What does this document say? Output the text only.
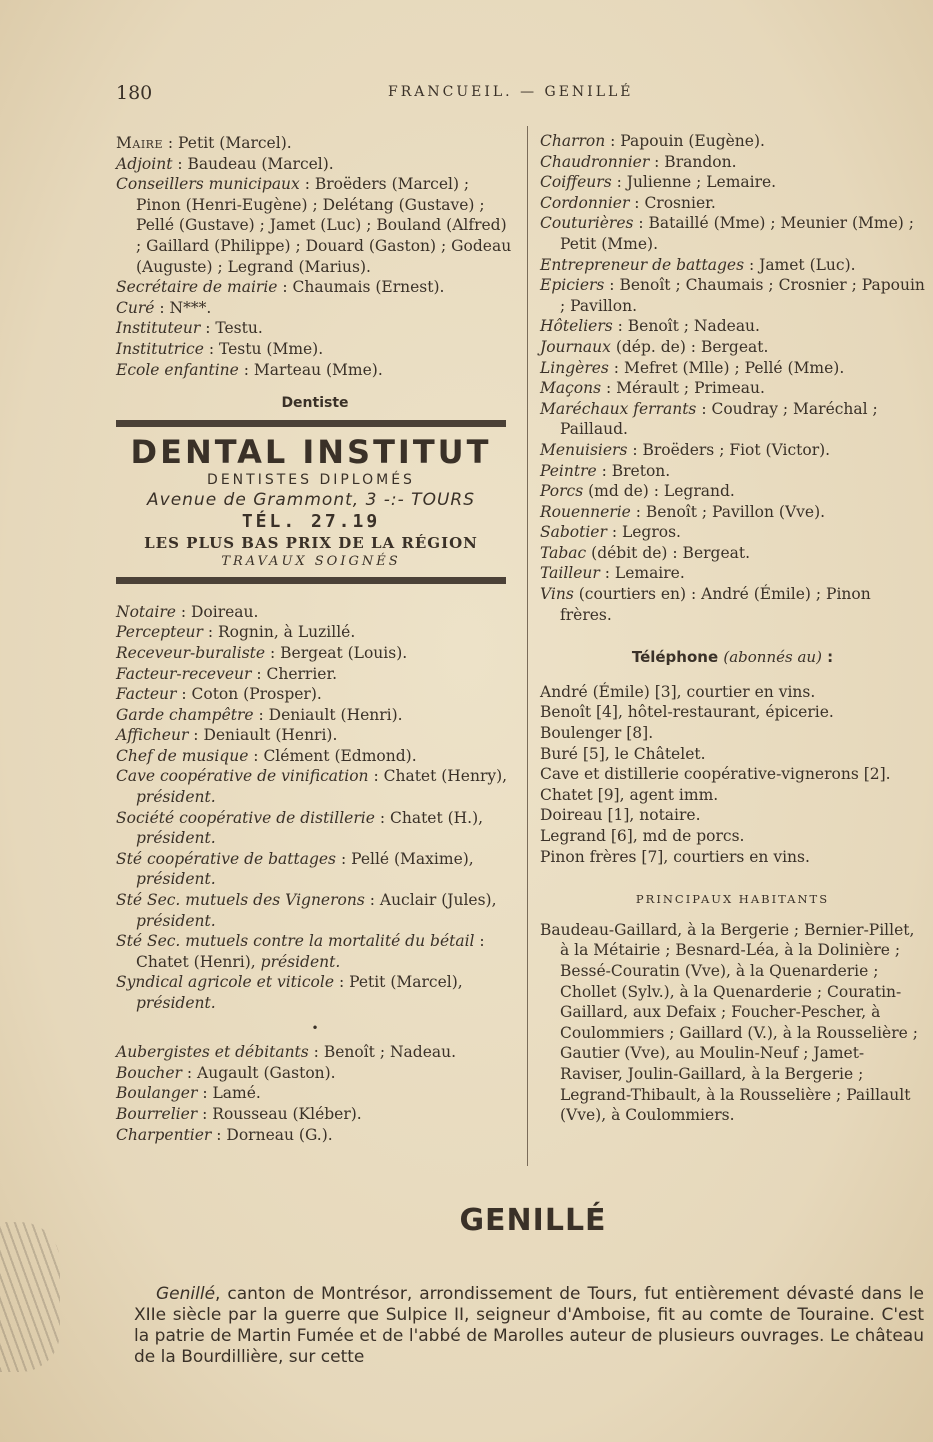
180	FRANCUEIL. — GENILLÉ

Maire : Petit (Marcel).

Adjoint : Baudeau (Marcel).

Conseillers municipaux : Broëders (Marcel) ; Pinon (Henri-Eugène) ; Delétang (Gustave) ; Pellé (Gustave) ; Jamet (Luc) ; Bouland (Alfred) ; Gaillard (Philippe) ; Douard (Gaston) ; Godeau (Auguste) ; Legrand (Marius).

Secrétaire de mairie : Chaumais (Ernest).

Curé : N***.

Instituteur : Testu.

Institutrice : Testu (Mme).

Ecole enfantine : Marteau (Mme).

Dentiste
DENTAL INSTITUT
DENTISTES DIPLOMÉS
Avenue de Grammont, 3 -:- TOURS
TÉL. 27.19
LES PLUS BAS PRIX DE LA RÉGION
TRAVAUX SOIGNÉS

Notaire : Doireau.

Percepteur : Rognin, à Luzillé.

Receveur-buraliste : Bergeat (Louis).

Facteur-receveur : Cherrier.

Facteur : Coton (Prosper).

Garde champêtre : Deniault (Henri).

Afficheur : Deniault (Henri).

Chef de musique : Clément (Edmond).

Cave coopérative de vinification : Chatet (Henry), président.

Société coopérative de distillerie : Chatet (H.), président.

Sté coopérative de battages : Pellé (Maxime), président.

Sté Sec. mutuels des Vignerons : Auclair (Jules), président.

Sté Sec. mutuels contre la mortalité du bétail : Chatet (Henri), président.

Syndical agricole et viticole : Petit (Marcel), président.

•

Aubergistes et débitants : Benoît ; Nadeau.

Boucher : Augault (Gaston).

Boulanger : Lamé.

Bourrelier : Rousseau (Kléber).

Charpentier : Dorneau (G.).

Charron : Papouin (Eugène).

Chaudronnier : Brandon.

Coiffeurs : Julienne ; Lemaire.

Cordonnier : Crosnier.

Couturières : Bataillé (Mme) ; Meunier (Mme) ; Petit (Mme).

Entrepreneur de battages : Jamet (Luc).

Epiciers : Benoît ; Chaumais ; Crosnier ; Papouin ; Pavillon.

Hôteliers : Benoît ; Nadeau.

Journaux (dép. de) : Bergeat.

Lingères : Mefret (Mlle) ; Pellé (Mme).

Maçons : Mérault ; Primeau.

Maréchaux ferrants : Coudray ; Maréchal ; Paillaud.

Menuisiers : Broëders ; Fiot (Victor).

Peintre : Breton.

Porcs (md de) : Legrand.

Rouennerie : Benoît ; Pavillon (Vve).

Sabotier : Legros.

Tabac (débit de) : Bergeat.

Tailleur : Lemaire.

Vins (courtiers en) : André (Émile) ; Pinon frères.

Téléphone (abonnés au) :

André (Émile) [3], courtier en vins.

Benoît [4], hôtel-restaurant, épicerie.

Boulenger [8].

Buré [5], le Châtelet.

Cave et distillerie coopérative-vignerons [2].

Chatet [9], agent imm.

Doireau [1], notaire.

Legrand [6], md de porcs.

Pinon frères [7], courtiers en vins.

PRINCIPAUX HABITANTS

Baudeau-Gaillard, à la Bergerie ; Bernier-Pillet, à la Métairie ; Besnard-Léa, à la Dolinière ; Bessé-Couratin (Vve), à la Quenarderie ; Chollet (Sylv.), à la Quenarderie ; Couratin-Gaillard, aux Defaix ; Foucher-Pescher, à Coulommiers ; Gaillard (V.), à la Rousselière ; Gautier (Vve), au Moulin-Neuf ; Jamet-Raviser, Joulin-Gaillard, à la Bergerie ; Legrand-Thibault, à la Rousselière ; Paillault (Vve), à Coulommiers.

GENILLÉ

Genillé, canton de Montrésor, arrondissement de Tours, fut entièrement dévasté dans le XIIe siècle par la guerre que Sulpice II, seigneur d'Amboise, fit au comte de Touraine. C'est la patrie de Martin Fumée et de l'abbé de Marolles auteur de plusieurs ouvrages. Le château de la Bourdillière, sur cette
